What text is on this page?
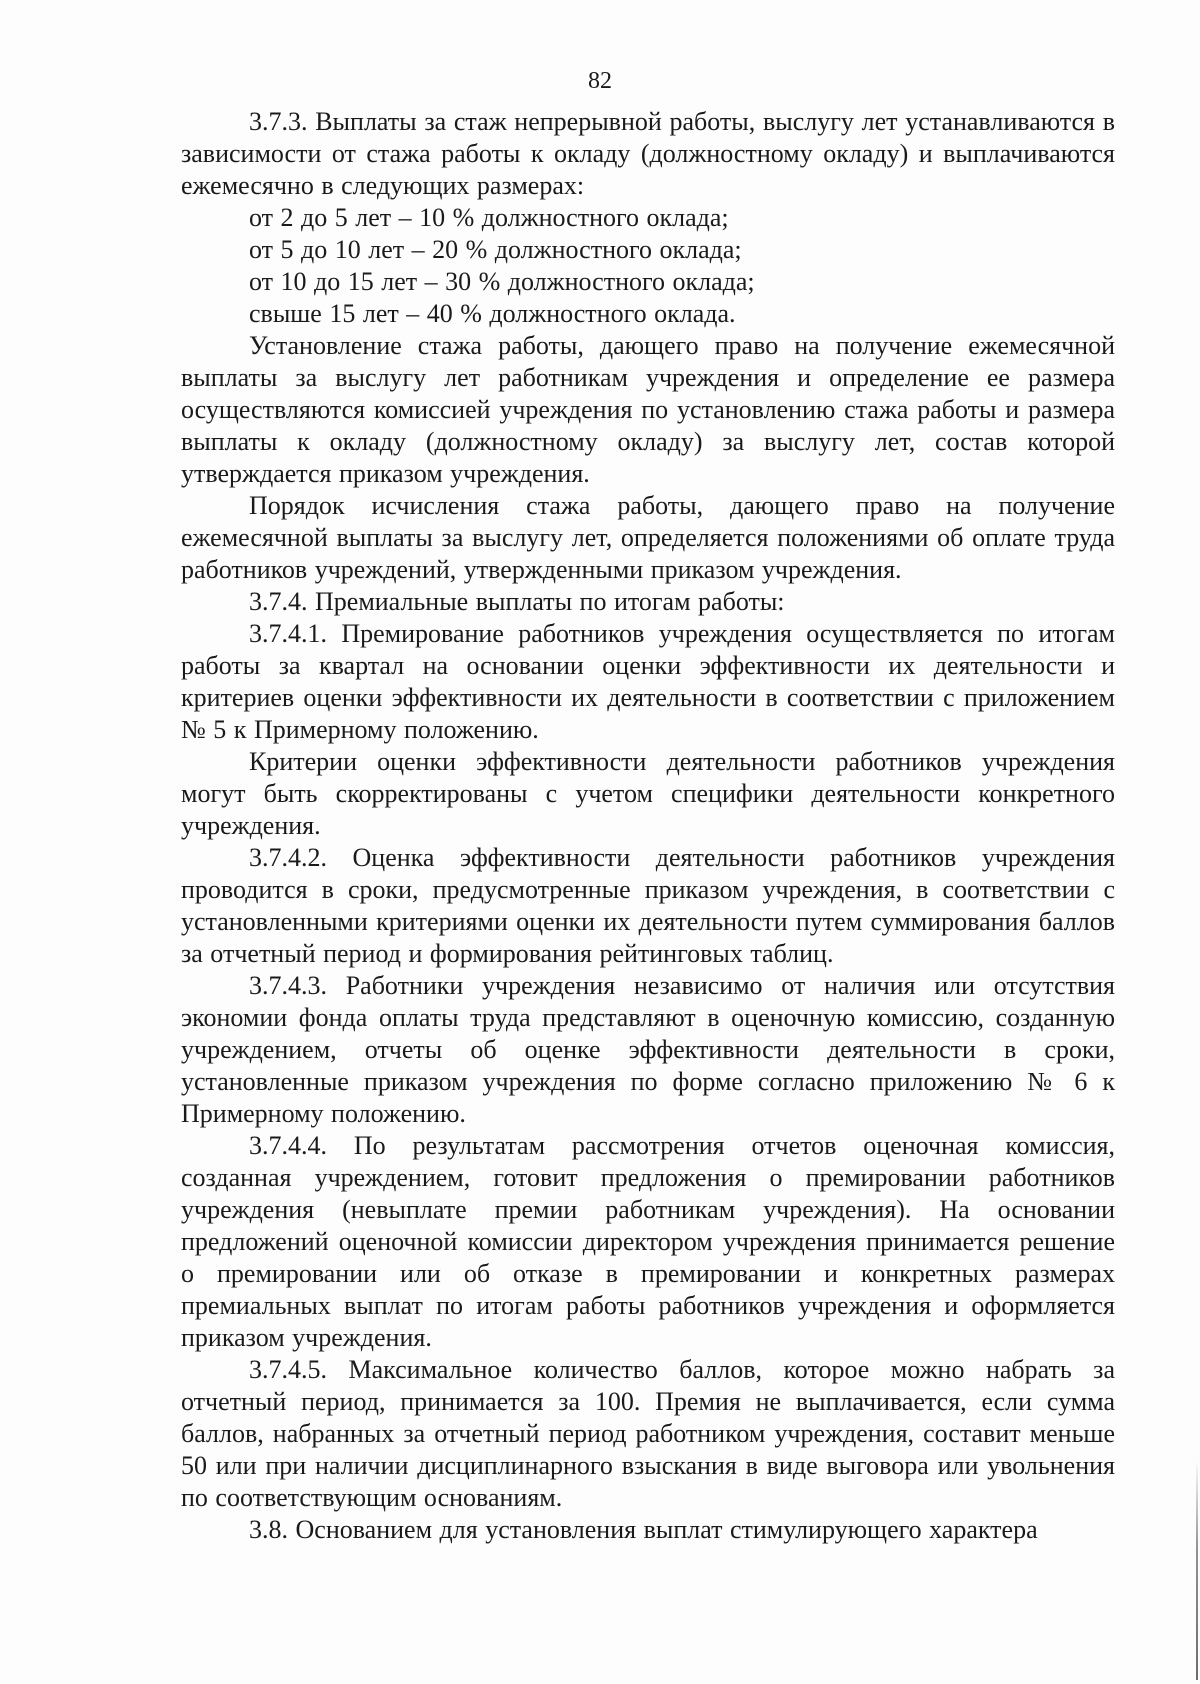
82

3.7.3. Выплаты за стаж непрерывной работы, выслугу лет устанавливаются в зависимости от стажа работы к окладу (должностному окладу) и выплачиваются ежемесячно в следующих размерах:

от 2 до 5 лет – 10 % должностного оклада;

от 5 до 10 лет – 20 % должностного оклада;

от 10 до 15 лет – 30 % должностного оклада;

свыше 15 лет – 40 % должностного оклада.

Установление стажа работы, дающего право на получение ежемесячной выплаты за выслугу лет работникам учреждения и определение ее размера осуществляются комиссией учреждения по установлению стажа работы и размера выплаты к окладу (должностному окладу) за выслугу лет, состав которой утверждается приказом учреждения.

Порядок исчисления стажа работы, дающего право на получение ежемесячной выплаты за выслугу лет, определяется положениями об оплате труда работников учреждений, утвержденными приказом учреждения.

3.7.4. Премиальные выплаты по итогам работы:

3.7.4.1. Премирование работников учреждения осуществляется по итогам работы за квартал на основании оценки эффективности их деятельности и критериев оценки эффективности их деятельности в соответствии с приложением № 5 к Примерному положению.

Критерии оценки эффективности деятельности работников учреждения могут быть скорректированы с учетом специфики деятельности конкретного учреждения.

3.7.4.2. Оценка эффективности деятельности работников учреждения проводится в сроки, предусмотренные приказом учреждения, в соответствии с установленными критериями оценки их деятельности путем суммирования баллов за отчетный период и формирования рейтинговых таблиц.

3.7.4.3. Работники учреждения независимо от наличия или отсутствия экономии фонда оплаты труда представляют в оценочную комиссию, созданную учреждением, отчеты об оценке эффективности деятельности в сроки, установленные приказом учреждения по форме согласно приложению № 6 к Примерному положению.

3.7.4.4. По результатам рассмотрения отчетов оценочная комиссия, созданная учреждением, готовит предложения о премировании работников учреждения (невыплате премии работникам учреждения). На основании предложений оценочной комиссии директором учреждения принимается решение о премировании или об отказе в премировании и конкретных размерах премиальных выплат по итогам работы работников учреждения и оформляется приказом учреждения.

3.7.4.5. Максимальное количество баллов, которое можно набрать за отчетный период, принимается за 100. Премия не выплачивается, если сумма баллов, набранных за отчетный период работником учреждения, составит меньше 50 или при наличии дисциплинарного взыскания в виде выговора или увольнения по соответствующим основаниям.

3.8. Основанием для установления выплат стимулирующего характера
